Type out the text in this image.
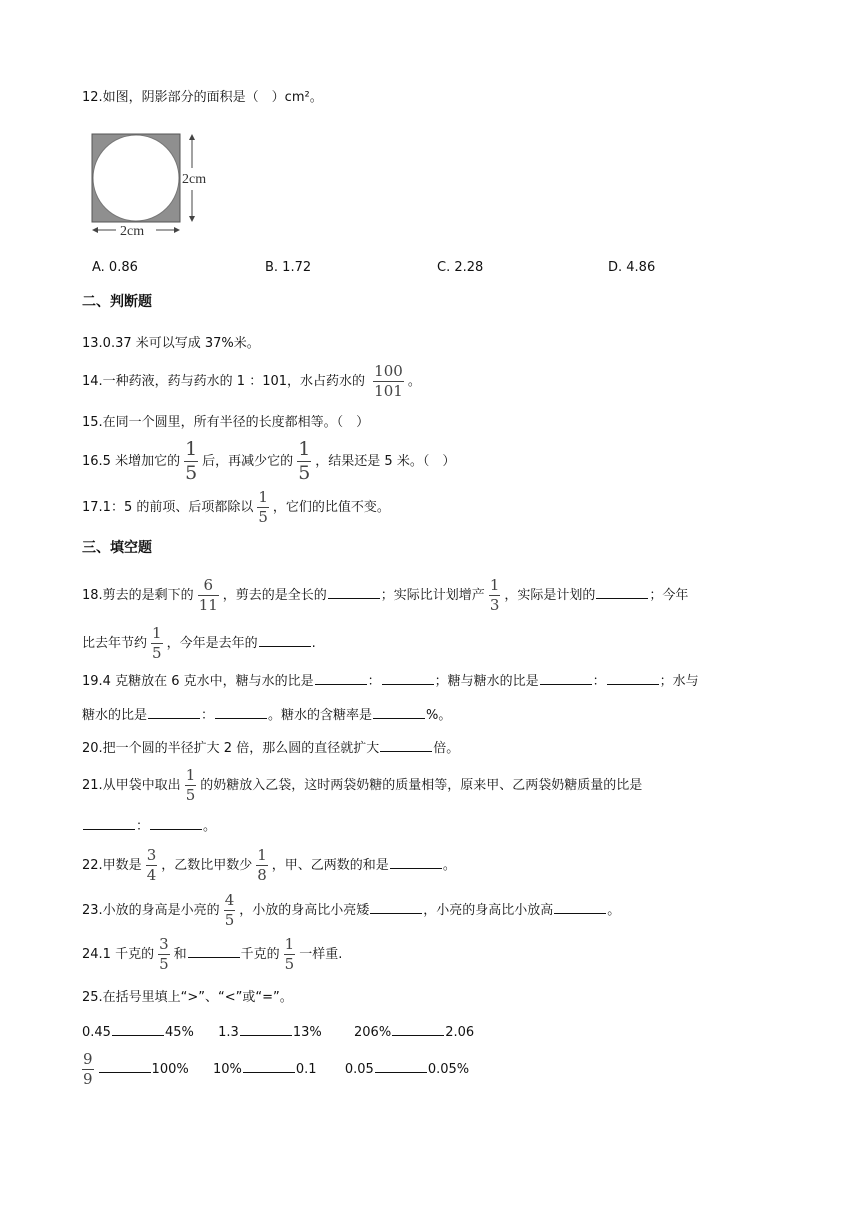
12.如图，阴影部分的面积是（　）cm²。
2cm
2cm
A. 0.86	B. 1.72	C. 2.28	D. 4.86
二、判断题
13.0.37 米可以写成 37%米。
14.一种药液，药与药水的 1 ：101，水占药水的 $\frac{100}{101}$ 。
15.在同一个圆里，所有半径的长度都相等。（　）
16.5 米增加它的 $\frac{1}{5}$ 后，再减少它的 $\frac{1}{5}$ ，结果还是 5 米。（　）
17.1：5 的前项、后项都除以 $\frac{1}{5}$ ，它们的比值不变。
三、填空题
18.剪去的是剩下的 $\frac{6}{11}$ ，剪去的是全长的	；实际比计划增产 $\frac{1}{3}$ ，实际是计划的	；今年
比去年节约 $\frac{1}{5}$ ，今年是去年的	.
19.4 克糖放在 6 克水中，糖与水的比是	：	；糖与糖水的比是	：	；水与
糖水的比是	：	。糖水的含糖率是	%。
20.把一个圆的半径扩大 2 倍，那么圆的直径就扩大	倍。
21.从甲袋中取出 $\frac{1}{5}$ 的奶糖放入乙袋，这时两袋奶糖的质量相等，原来甲、乙两袋奶糖质量的比是
：	。
22.甲数是 $\frac{3}{4}$ ，乙数比甲数少 $\frac{1}{8}$ ，甲、乙两数的和是	。
23.小放的身高是小亮的 $\frac{4}{5}$ ，小放的身高比小亮矮	，小亮的身高比小放高	。
24.1 千克的 $\frac{3}{5}$ 和	千克的 $\frac{1}{5}$ 一样重.
25.在括号里填上“>”、“<”或“=”。
0.45	45% 1.3	13% 206%	2.06
$\frac{9}{9}$	100% 10%	0.1 0.05	0.05%
